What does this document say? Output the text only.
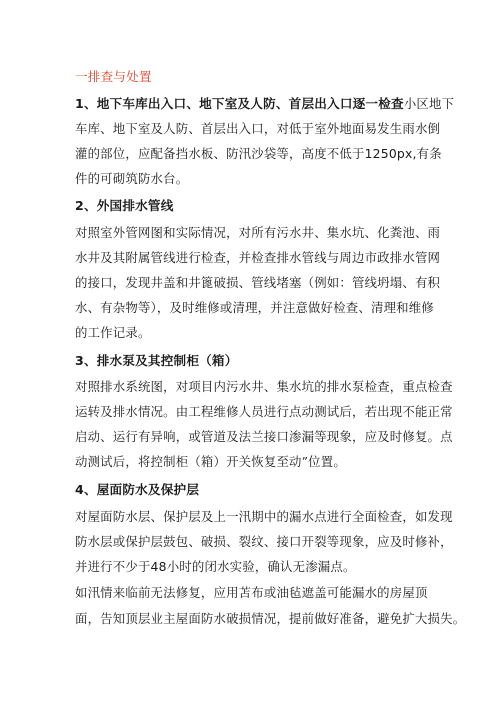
一排查与处置
1、地下车库出入口、地下室及人防、首层出入口逐一检查小区地下
车库、地下室及人防、首层出入口，对低于室外地面易发生雨水倒
灌的部位，应配备挡水板、防汛沙袋等，高度不低于1250px,有条
件的可砌筑防水台。
2、外国排水管线
对照室外管网图和实际情况，对所有污水井、集水坑、化粪池、雨
水井及其附属管线进行检查，并检查排水管线与周边市政排水管网
的接口，发现井盖和井篦破损、管线堵塞（例如：管线坍塌、有积
水、有杂物等），及时维修或清理，并注意做好检查、清理和维修
的工作记录。
3、排水泵及其控制柜（箱）
对照排水系统图，对项目内污水井、集水坑的排水泵检查，重点检查
运转及排水情况。由工程维修人员进行点动测试后，若出现不能正常
启动、运行有异响，或管道及法兰接口渗漏等现象，应及时修复。点
动测试后，将控制柜（箱）开关恢复至动”位置。
4、屋面防水及保护层
对屋面防水层、保护层及上一汛期中的漏水点进行全面检查，如发现
防水层或保护层鼓包、破损、裂纹、接口开裂等现象，应及时修补，
并进行不少于48小时的闭水实验，确认无渗漏点。
如汛情来临前无法修复，应用苫布或油毡遮盖可能漏水的房屋顶
面，告知顶层业主屋面防水破损情况，提前做好准备，避免扩大损失。
